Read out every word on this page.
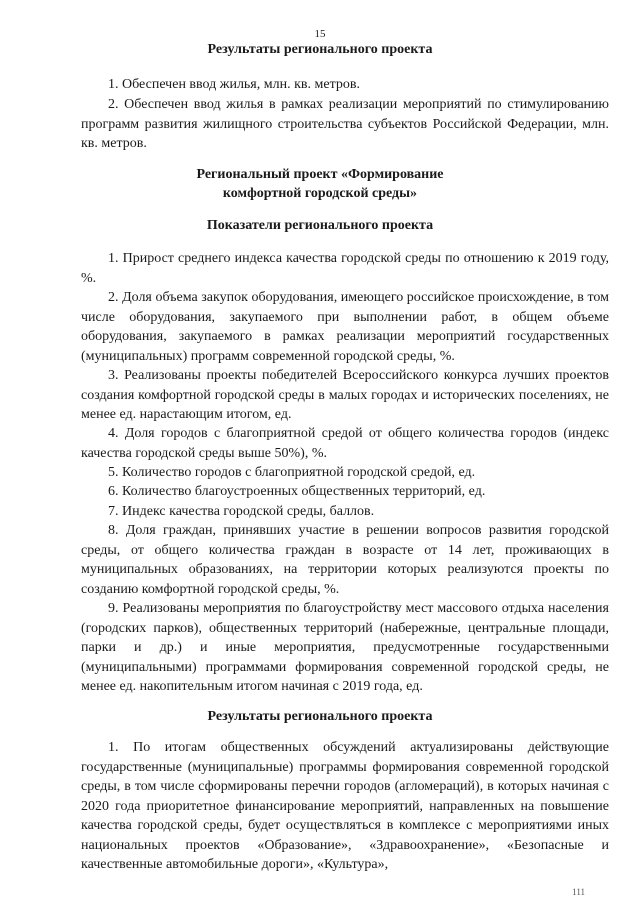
15
Результаты регионального проекта
1. Обеспечен ввод жилья, млн. кв. метров.
2. Обеспечен ввод жилья в рамках реализации мероприятий по стимулированию программ развития жилищного строительства субъектов Российской Федерации, млн. кв. метров.
Региональный проект «Формирование
комфортной городской среды»
Показатели регионального проекта
1. Прирост среднего индекса качества городской среды по отношению к 2019 году, %.
2. Доля объема закупок оборудования, имеющего российское происхождение, в том числе оборудования, закупаемого при выполнении работ, в общем объеме оборудования, закупаемого в рамках реализации мероприятий государственных (муниципальных) программ современной городской среды, %.
3. Реализованы проекты победителей Всероссийского конкурса лучших проектов создания комфортной городской среды в малых городах и исторических поселениях, не менее ед. нарастающим итогом, ед.
4. Доля городов с благоприятной средой от общего количества городов (индекс качества городской среды выше 50%), %.
5. Количество городов с благоприятной городской средой, ед.
6. Количество благоустроенных общественных территорий, ед.
7. Индекс качества городской среды, баллов.
8. Доля граждан, принявших участие в решении вопросов развития городской среды, от общего количества граждан в возрасте от 14 лет, проживающих в муниципальных образованиях, на территории которых реализуются проекты по созданию комфортной городской среды, %.
9. Реализованы мероприятия по благоустройству мест массового отдыха населения (городских парков), общественных территорий (набережные, центральные площади, парки и др.) и иные мероприятия, предусмотренные государственными (муниципальными) программами формирования современной городской среды, не менее ед. накопительным итогом начиная с 2019 года, ед.
Результаты регионального проекта
1. По итогам общественных обсуждений актуализированы действующие государственные (муниципальные) программы формирования современной городской среды, в том числе сформированы перечни городов (агломераций), в которых начиная с 2020 года приоритетное финансирование мероприятий, направленных на повышение качества городской среды, будет осуществляться в комплексе с мероприятиями иных национальных проектов «Образование», «Здравоохранение», «Безопасные и качественные автомобильные дороги», «Культура»,
111
